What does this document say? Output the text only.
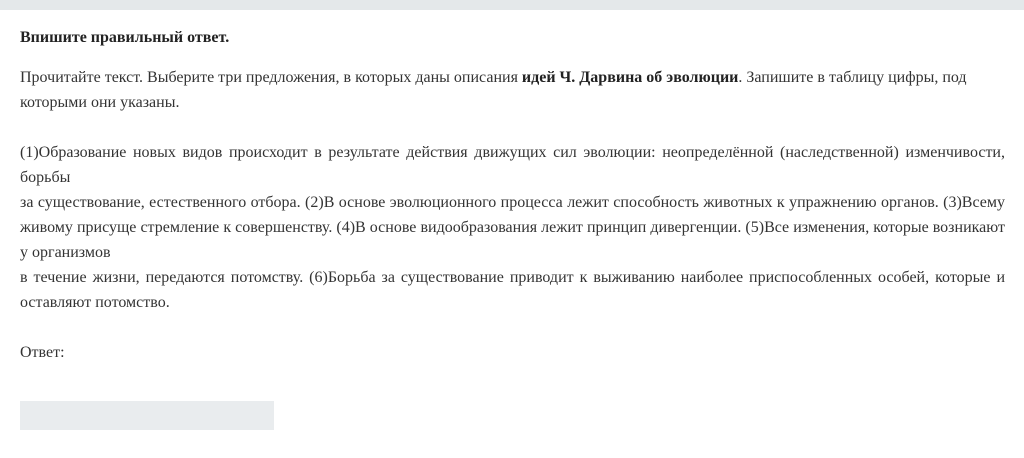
Впишите правильный ответ.

Прочитайте текст. Выберите три предложения, в которых даны описания идей Ч. Дарвина об эволюции. Запишите в таблицу цифры, под которыми они указаны.

(1)Образование новых видов происходит в результате действия движущих сил эволюции: неопределённой (наследственной) изменчивости, борьбы
за существование, естественного отбора. (2)В основе эволюционного процесса лежит способность животных к упражнению органов. (3)Всему живому присуще стремление к совершенству. (4)В основе видообразования лежит принцип дивергенции. (5)Все изменения, которые возникают у организмов
в течение жизни, передаются потомству. (6)Борьба за существование приводит к выживанию наиболее приспособленных особей, которые и оставляют потомство.

Ответ:
